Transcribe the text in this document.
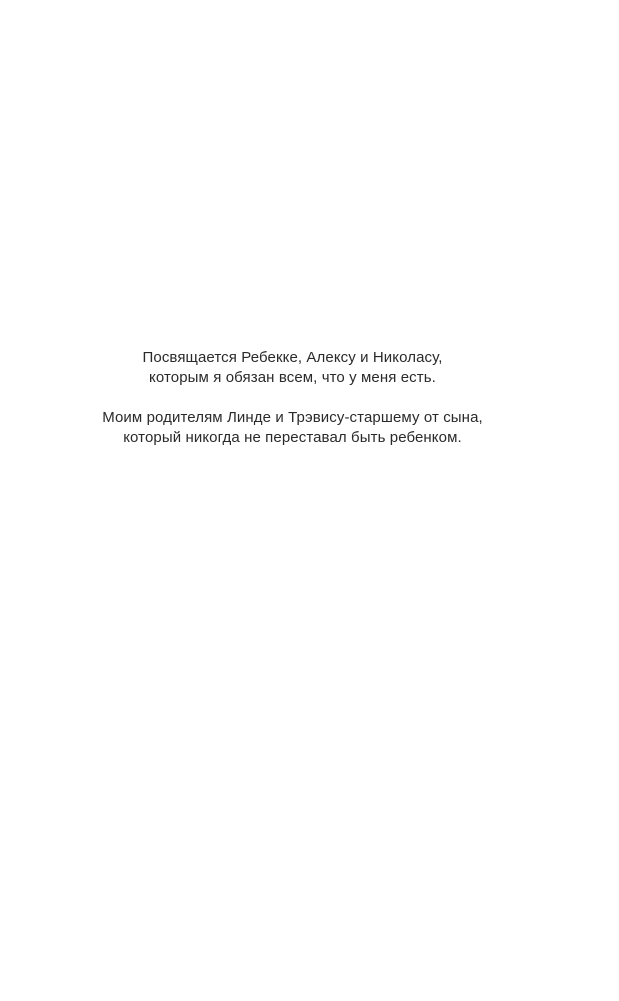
Посвящается Ребекке, Алексу и Николасу,
которым я обязан всем, что у меня есть.

Моим родителям Линде и Трэвису-старшему от сына,
который никогда не переставал быть ребенком.
